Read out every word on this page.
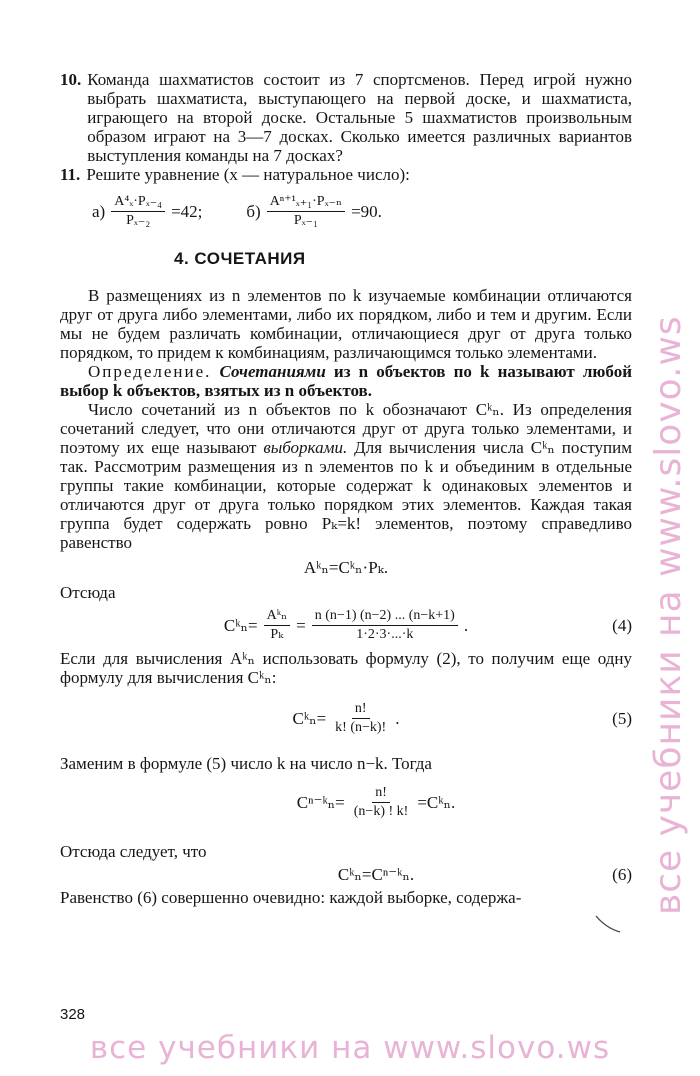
10. Команда шахматистов состоит из 7 спортсменов. Перед игрой нужно выбрать шахматиста, выступающего на первой доске, и шахматиста, играющего на второй доске. Остальные 5 шахматистов произвольным образом играют на 3—7 досках. Сколько имеется различных вариантов выступления команды на 7 досках?

11. Решите уравнение (x — натуральное число):

$а) \frac{\text{A⁴ₓ·Pₓ₋₄}}{\text{Pₓ₋₂}} =42$;	$б) \frac{\text{Aⁿ⁺¹ₓ₊₁·Pₓ₋ₙ}}{\text{Pₓ₋₁}} =90$.
4. СОЧЕТАНИЯ

В размещениях из n элементов по k изучаемые комбинации отличаются друг от друга либо элементами, либо их порядком, либо и тем и другим. Если мы не будем различать комбинации, отличающиеся друг от друга только порядком, то придем к комбинациям, различающимся только элементами.

Определение. Сочетаниями из n объектов по k называют любой выбор k объектов, взятых из n объектов.

Число сочетаний из n объектов по k обозначают Cᵏₙ. Из определения сочетаний следует, что они отличаются друг от друга только элементами, и поэтому их еще называют выборками. Для вычисления числа Cᵏₙ поступим так. Рассмотрим размещения из n элементов по k и объединим в отдельные группы такие комбинации, которые содержат k одинаковых элементов и отличаются друг от друга только порядком этих элементов. Каждая такая группа будет содержать ровно Pₖ=k! элементов, поэтому справедливо равенство

Aᵏₙ=Cᵏₙ·Pₖ.

Отсюда

Cᵏₙ= $\frac{\text{Aᵏₙ}}{\text{Pₖ}} = \frac{n (n-1) (n-2) ... (n-k+1)}{1\cdot 2\cdot 3\cdot...\cdot k}$ .	(4)

Если для вычисления Aᵏₙ использовать формулу (2), то получим еще одну формулу для вычисления Cᵏₙ:

Cᵏₙ= $\frac{n!}{k! (n-k)!}$ .	(5)

Заменим в формуле (5) число k на число n−k. Тогда

Cⁿ⁻ᵏₙ= $\frac{n!}{(n-k) ! k!}$ =Cᵏₙ.

Отсюда следует, что

Cᵏₙ=Cⁿ⁻ᵏₙ.	(6)

Равенство (6) совершенно очевидно: каждой выборке, содержа-

328
все учебники на www.slovo.ws
все учебники на www.slovo.ws
